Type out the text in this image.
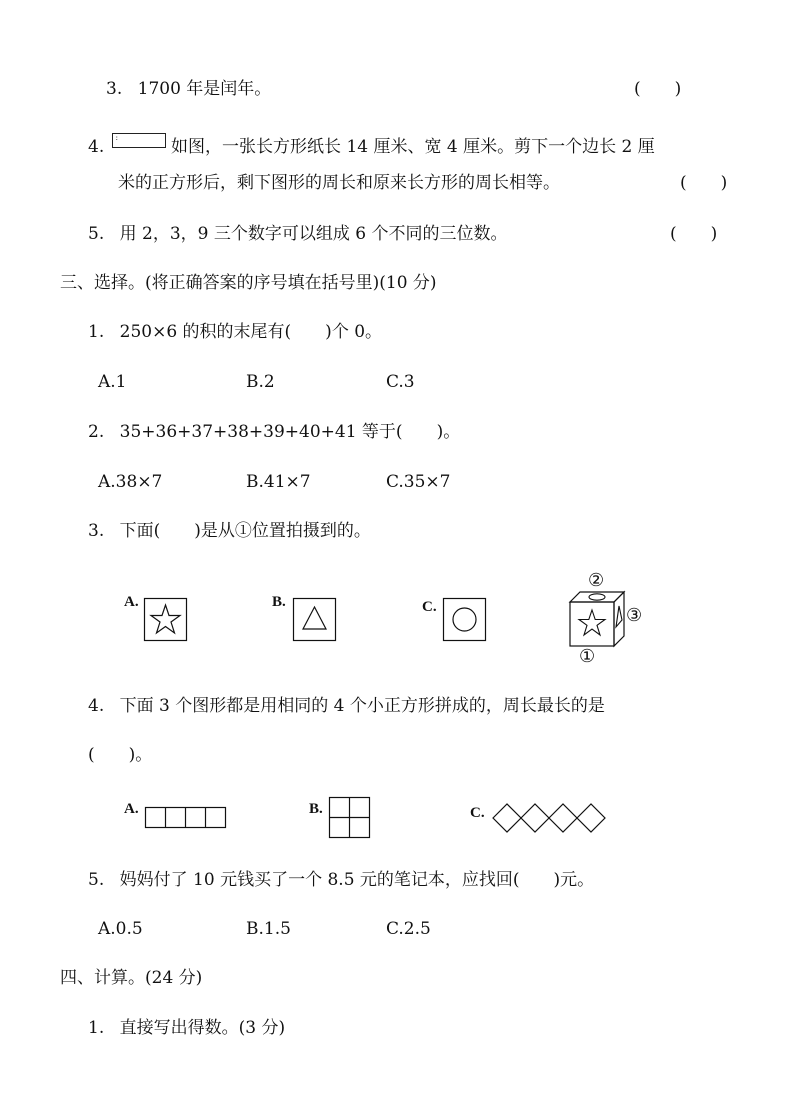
3. 1700 年是闰年。	(　　)
4. :	如图，一张长方形纸长 14 厘米、宽 4 厘米。剪下一个边长 2 厘
米的正方形后，剩下图形的周长和原来长方形的周长相等。	(　　)
5. 用 2，3，9 三个数字可以组成 6 个不同的三位数。	(　　)
三、选择。(将正确答案的序号填在括号里)(10 分)
1. 250×6 的积的末尾有(　　)个 0。
A.1	B.2	C.3
2. 35+36+37+38+39+40+41 等于(　　)。
A.38×7	B.41×7	C.35×7
3. 下面(　　)是从①位置拍摄到的。
A.	B.	C.
②
③
①
4. 下面 3 个图形都是用相同的 4 个小正方形拼成的，周长最长的是
(　　)。
A.	B.	C.
5. 妈妈付了 10 元钱买了一个 8.5 元的笔记本，应找回(　　)元。
A.0.5	B.1.5	C.2.5
四、计算。(24 分)
1. 直接写出得数。(3 分)
